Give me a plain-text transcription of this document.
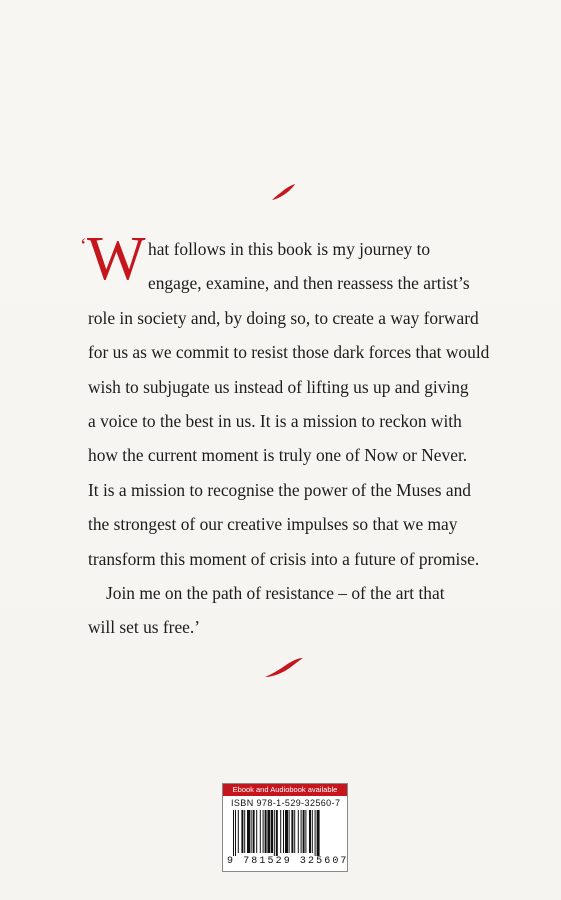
‘ W hat follows in this book is my journey to
engage, examine, and then reassess the artist’s
role in society and, by doing so, to create a way forward
for us as we commit to resist those dark forces that would
wish to subjugate us instead of lifting us up and giving
a voice to the best in us. It is a mission to reckon with
how the current moment is truly one of Now or Never.
It is a mission to recognise the power of the Muses and
the strongest of our creative impulses so that we may
transform this moment of crisis into a future of promise.
Join me on the path of resistance – of the art that
will set us free.’
Ebook and Audiobook available
ISBN 978-1-529-32560-7
9 781529 325607
